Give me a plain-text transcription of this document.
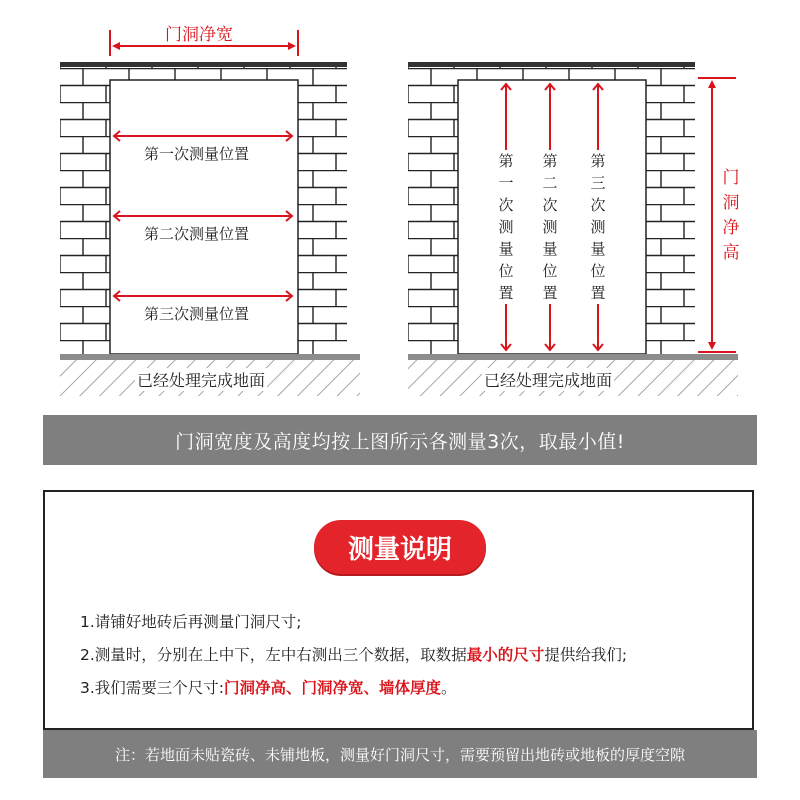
门洞净宽
第一次测量位置
第二次测量位置
第三次测量位置
已经处理完成地面
第一次测量位置
第二次测量位置
第三次测量位置
门洞净高
已经处理完成地面
门洞宽度及高度均按上图所示各测量3次，取最小值!
测量说明
1.请铺好地砖后再测量门洞尺寸;
2.测量时，分别在上中下，左中右测出三个数据，取数据最小的尺寸提供给我们;
3.我们需要三个尺寸:门洞净高、门洞净宽、墙体厚度。
注：若地面未贴瓷砖、未铺地板，测量好门洞尺寸，需要预留出地砖或地板的厚度空隙
